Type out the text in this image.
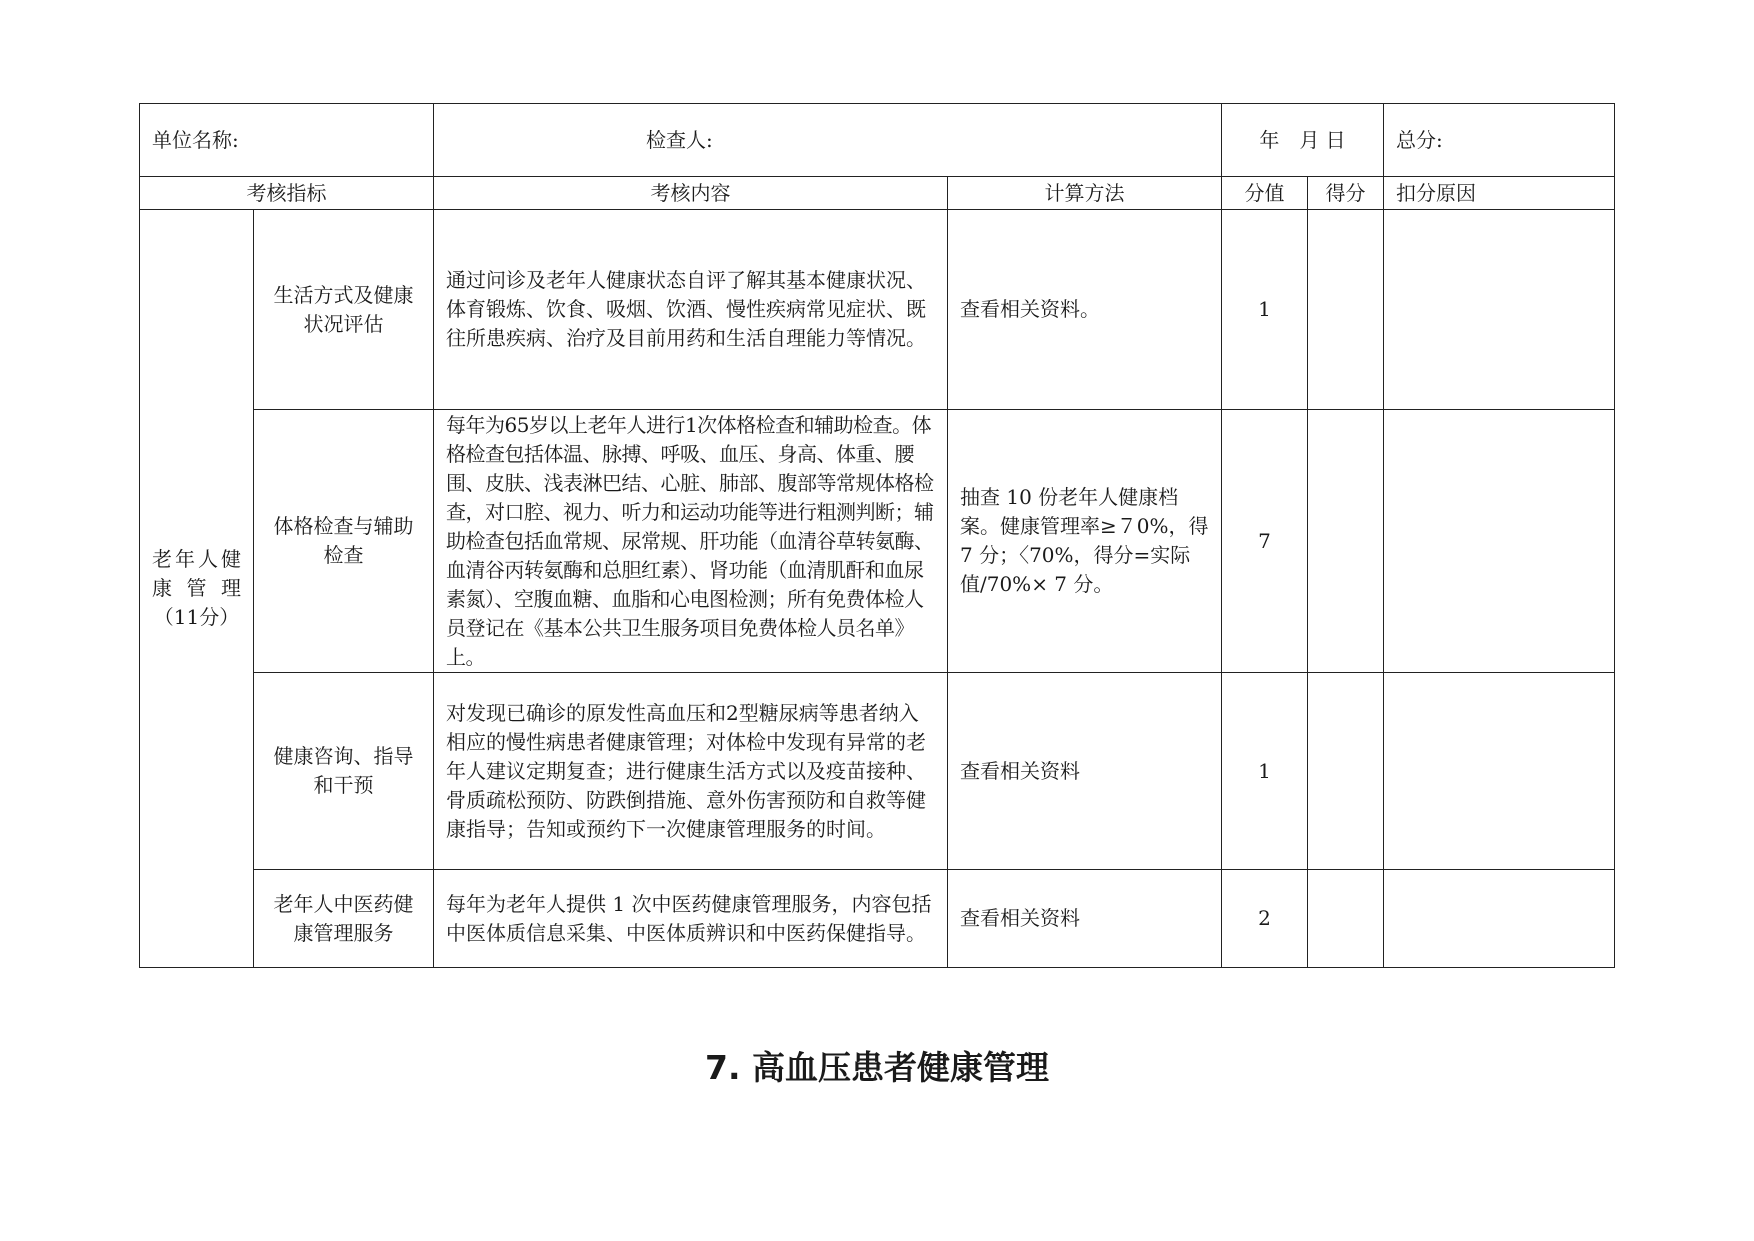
单位名称:		检查人:		年　月 日		总分:
考核指标		考核内容	计算方法	分值	得分	扣分原因

老年人健
康 管 理
（11分）	生活方式及健康状况评估	通过问诊及老年人健康状态自评了解其基本健康状况、体育锻炼、饮食、吸烟、饮酒、慢性疾病常见症状、既往所患疾病、治疗及目前用药和生活自理能力等情况。	查看相关资料。	1		
	体格检查与辅助检查	每年为65岁以上老年人进行1次体格检查和辅助检查。体格检查包括体温、脉搏、呼吸、血压、身高、体重、腰围、皮肤、浅表淋巴结、心脏、肺部、腹部等常规体格检查，对口腔、视力、听力和运动功能等进行粗测判断；辅助检查包括血常规、尿常规、肝功能（血清谷草转氨酶、血清谷丙转氨酶和总胆红素）、肾功能（血清肌酐和血尿素氮）、空腹血糖、血脂和心电图检测；所有免费体检人员登记在《基本公共卫生服务项目免费体检人员名单》上。	抽查 10 份老年人健康档案。健康管理率≥７0%，得 7 分；〈70%，得分=实际值/70%× 7 分。	7		
	健康咨询、指导和干预	对发现已确诊的原发性高血压和2型糖尿病等患者纳入相应的慢性病患者健康管理；对体检中发现有异常的老年人建议定期复查；进行健康生活方式以及疫苗接种、骨质疏松预防、防跌倒措施、意外伤害预防和自救等健康指导；告知或预约下一次健康管理服务的时间。	查看相关资料	1		
	老年人中医药健康管理服务	每年为老年人提供 1 次中医药健康管理服务，内容包括中医体质信息采集、中医体质辨识和中医药保健指导。	查看相关资料	2		
7. 高血压患者健康管理
